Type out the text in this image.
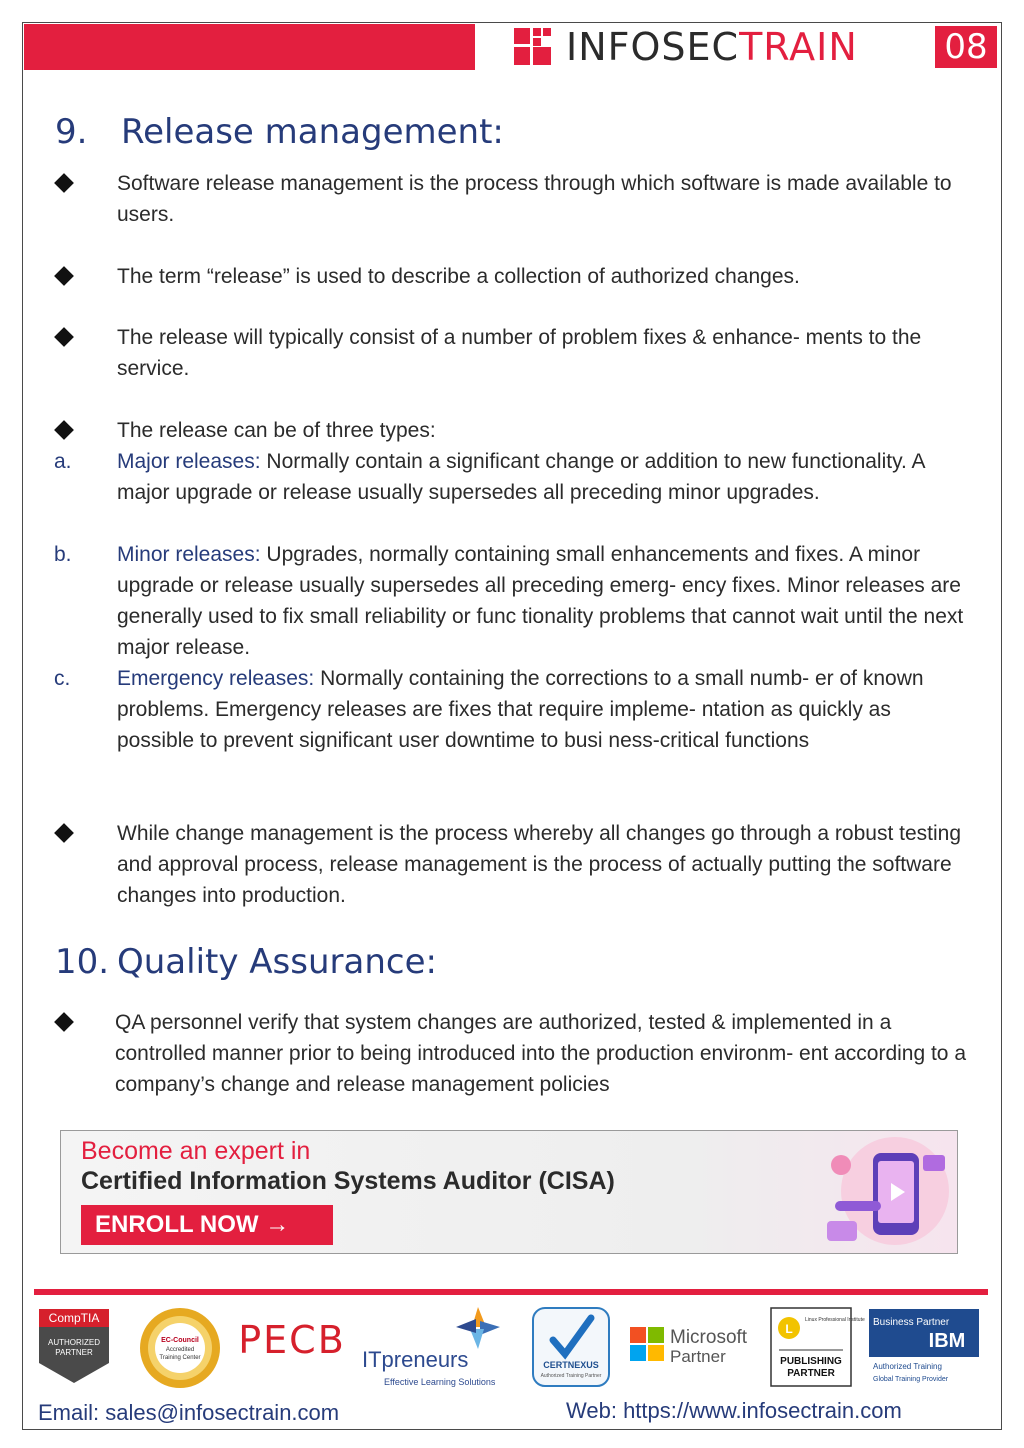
INFOSECTRAIN	08
9. Release management:

Software release management is the process through which software is made available to users.

The term “release” is used to describe a collection of authorized changes.

The release will typically consist of a number of problem fixes & enhance- ments to the service.

The release can be of three types:

a. Major releases: Normally contain a significant change or addition to new functionality. A major upgrade or release usually supersedes all preceding minor upgrades.

b. Minor releases: Upgrades, normally containing small enhancements and fixes. A minor upgrade or release usually supersedes all preceding emerg- ency fixes. Minor releases are generally used to fix small reliability or func tionality problems that cannot wait until the next major release.

c. Emergency releases: Normally containing the corrections to a small numb- er of known problems. Emergency releases are fixes that require impleme- ntation as quickly as possible to prevent significant user downtime to busi ness-critical functions

While change management is the process whereby all changes go through a robust testing and approval process, release management is the process of actually putting the software changes into production.

10. Quality Assurance:

QA personnel verify that system changes are authorized, tested & implemented in a controlled manner prior to being introduced into the production environm- ent according to a company’s change and release management policies

Become an expert in
Certified Information Systems Auditor (CISA)
ENROLL NOW →
CompTIA
AUTHORIZED
PARTNER
EC-Council
Accredited
Training Center PECB ITpreneurs
Effective Learning Solutions
CERTNEXUS
Authorized Training Partner
Microsoft
Partner
L
Linux Professional Institute
PUBLISHING
PARTNER
Business Partner
IBM
Authorized Training
Global Training Provider
Email: sales@infosectrain.com	Web: https://www.infosectrain.com
